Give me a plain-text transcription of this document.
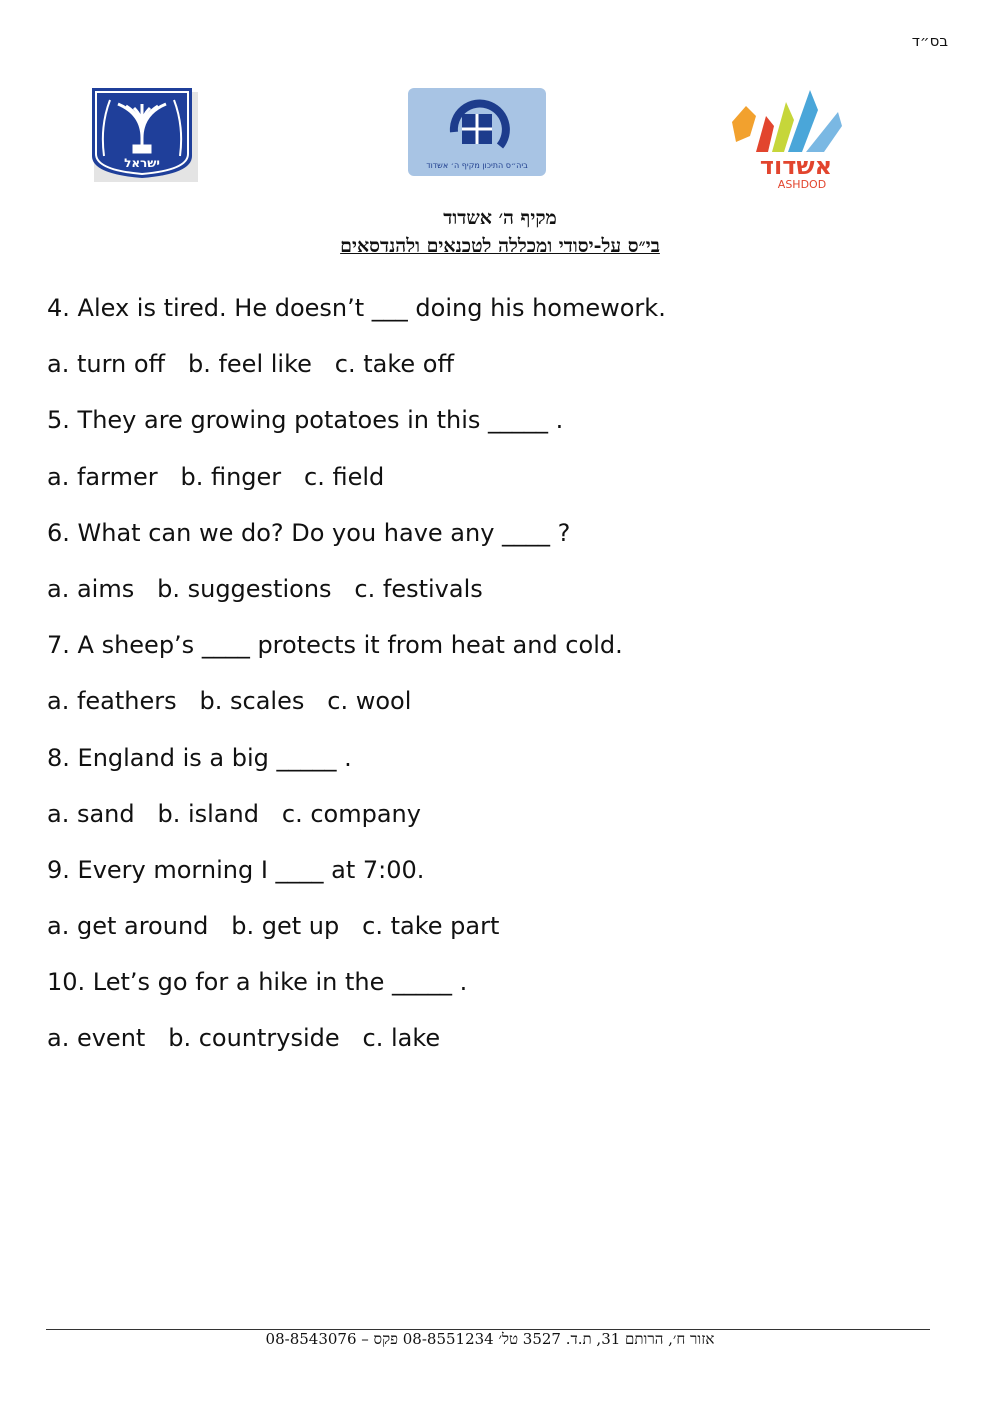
בס״ד
ישראל	ביה״ס התיכון מקיף ה׳ אשדוד	אשדוד
ASHDOD
מקיף ה׳ אשדוד
בי״ס על-יסודי ומכללה לטכנאים ולהנדסאים
4. Alex is tired. He doesn’t ___ doing his homework.
a. turn off   b. feel like   c. take off
5. They are growing potatoes in this _____ .
a. farmer   b. finger   c. field
6. What can we do? Do you have any ____ ?
a. aims   b. suggestions   c. festivals
7. A sheep’s ____ protects it from heat and cold.
a. feathers   b. scales   c. wool
8. England is a big _____ .
a. sand   b. island   c. company
9. Every morning I ____ at 7:00.
a. get around   b. get up   c. take part
10. Let’s go for a hike in the _____ .
a. event   b. countryside   c. lake
אזור ח׳, הרותם 31, ת.ד. 3527 טל׳ 08-8551234 פקס – 08-8543076
